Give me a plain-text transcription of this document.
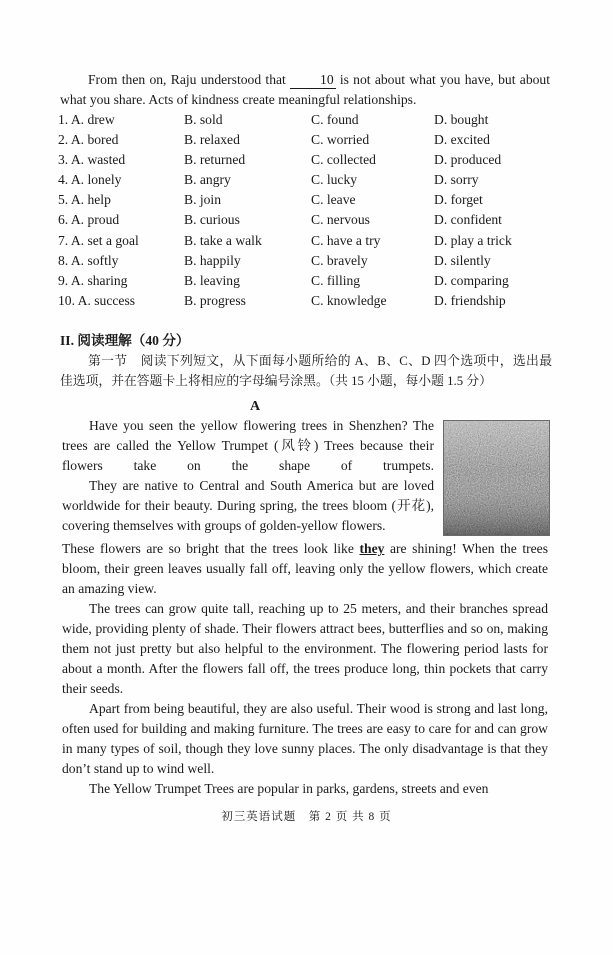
From then on, Raju understood that	10 is not about what you have, but about what you share. Acts of kindness create meaningful relationships.

1. A. drew	B. sold	C. found	D. bought
2. A. bored	B. relaxed	C. worried	D. excited
3. A. wasted	B. returned	C. collected	D. produced
4. A. lonely	B. angry	C. lucky	D. sorry
5. A. help	B. join	C. leave	D. forget
6. A. proud	B. curious	C. nervous	D. confident
7. A. set a goal	B. take a walk	C. have a try	D. play a trick
8. A. softly	B. happily	C. bravely	D. silently
9. A. sharing	B. leaving	C. filling	D. comparing
10. A. success	B. progress	C. knowledge	D. friendship
II. 阅读理解（40 分）

第一节　阅读下列短文，从下面每小题所给的 A、B、C、D 四个选项中，选出最佳选项，并在答题卡上将相应的字母编号涂黑。（共 15 小题，每小题 1.5 分）

A

Have you seen the yellow flowering trees in Shenzhen? The trees are called the Yellow Trumpet (风铃) Trees because their flowers take on the shape of trumpets.

They are native to Central and South America but are loved worldwide for their beauty. During spring, the trees bloom (开花), covering themselves with groups of golden-yellow flowers.

These flowers are so bright that the trees look like they are shining! When the trees bloom, their green leaves usually fall off, leaving only the yellow flowers, which create an amazing view.

The trees can grow quite tall, reaching up to 25 meters, and their branches spread wide, providing plenty of shade. Their flowers attract bees, butterflies and so on, making them not just pretty but also helpful to the environment. The flowering period lasts for about a month. After the flowers fall off, the trees produce long, thin pockets that carry their seeds.

Apart from being beautiful, they are also useful. Their wood is strong and last long, often used for building and making furniture. The trees are easy to care for and can grow in many types of soil, though they love sunny places. The only disadvantage is that they don’t stand up to wind well.

The Yellow Trumpet Trees are popular in parks, gardens, streets and even

初三英语试题　第 2 页 共 8 页
